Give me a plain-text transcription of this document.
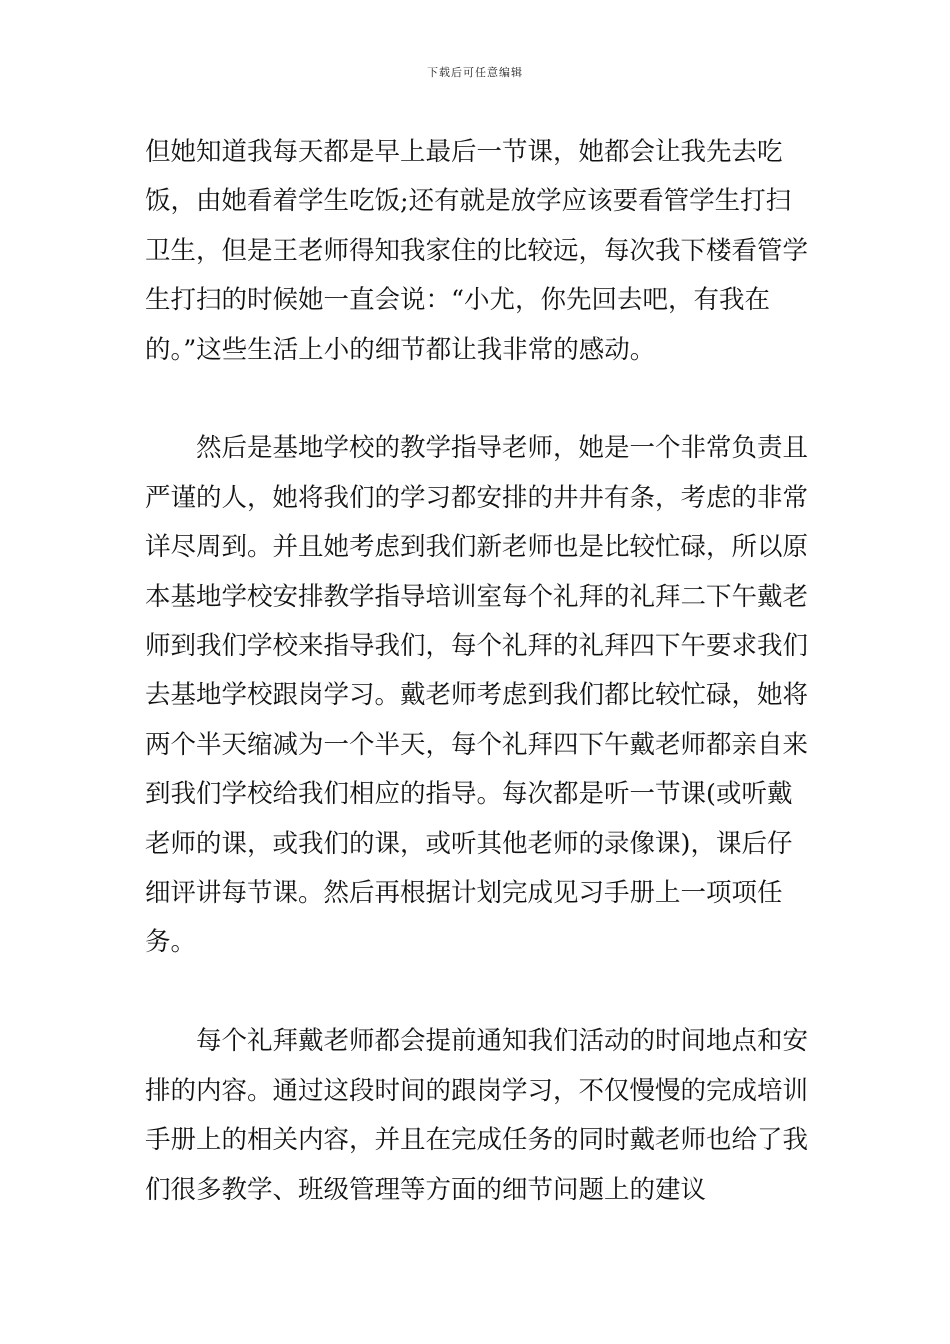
下载后可任意编辑

但她知道我每天都是早上最后一节课，她都会让我先去吃饭，由她看着学生吃饭;还有就是放学应该要看管学生打扫卫生，但是王老师得知我家住的比较远，每次我下楼看管学生打扫的时候她一直会说：“小尤，你先回去吧，有我在的。”这些生活上小的细节都让我非常的感动。

然后是基地学校的教学指导老师，她是一个非常负责且严谨的人，她将我们的学习都安排的井井有条，考虑的非常详尽周到。并且她考虑到我们新老师也是比较忙碌，所以原本基地学校安排教学指导培训室每个礼拜的礼拜二下午戴老师到我们学校来指导我们，每个礼拜的礼拜四下午要求我们去基地学校跟岗学习。戴老师考虑到我们都比较忙碌，她将两个半天缩减为一个半天，每个礼拜四下午戴老师都亲自来到我们学校给我们相应的指导。每次都是听一节课(或听戴老师的课，或我们的课，或听其他老师的录像课)，课后仔细评讲每节课。然后再根据计划完成见习手册上一项项任务。

每个礼拜戴老师都会提前通知我们活动的时间地点和安排的内容。通过这段时间的跟岗学习，不仅慢慢的完成培训手册上的相关内容，并且在完成任务的同时戴老师也给了我们很多教学、班级管理等方面的细节问题上的建议
